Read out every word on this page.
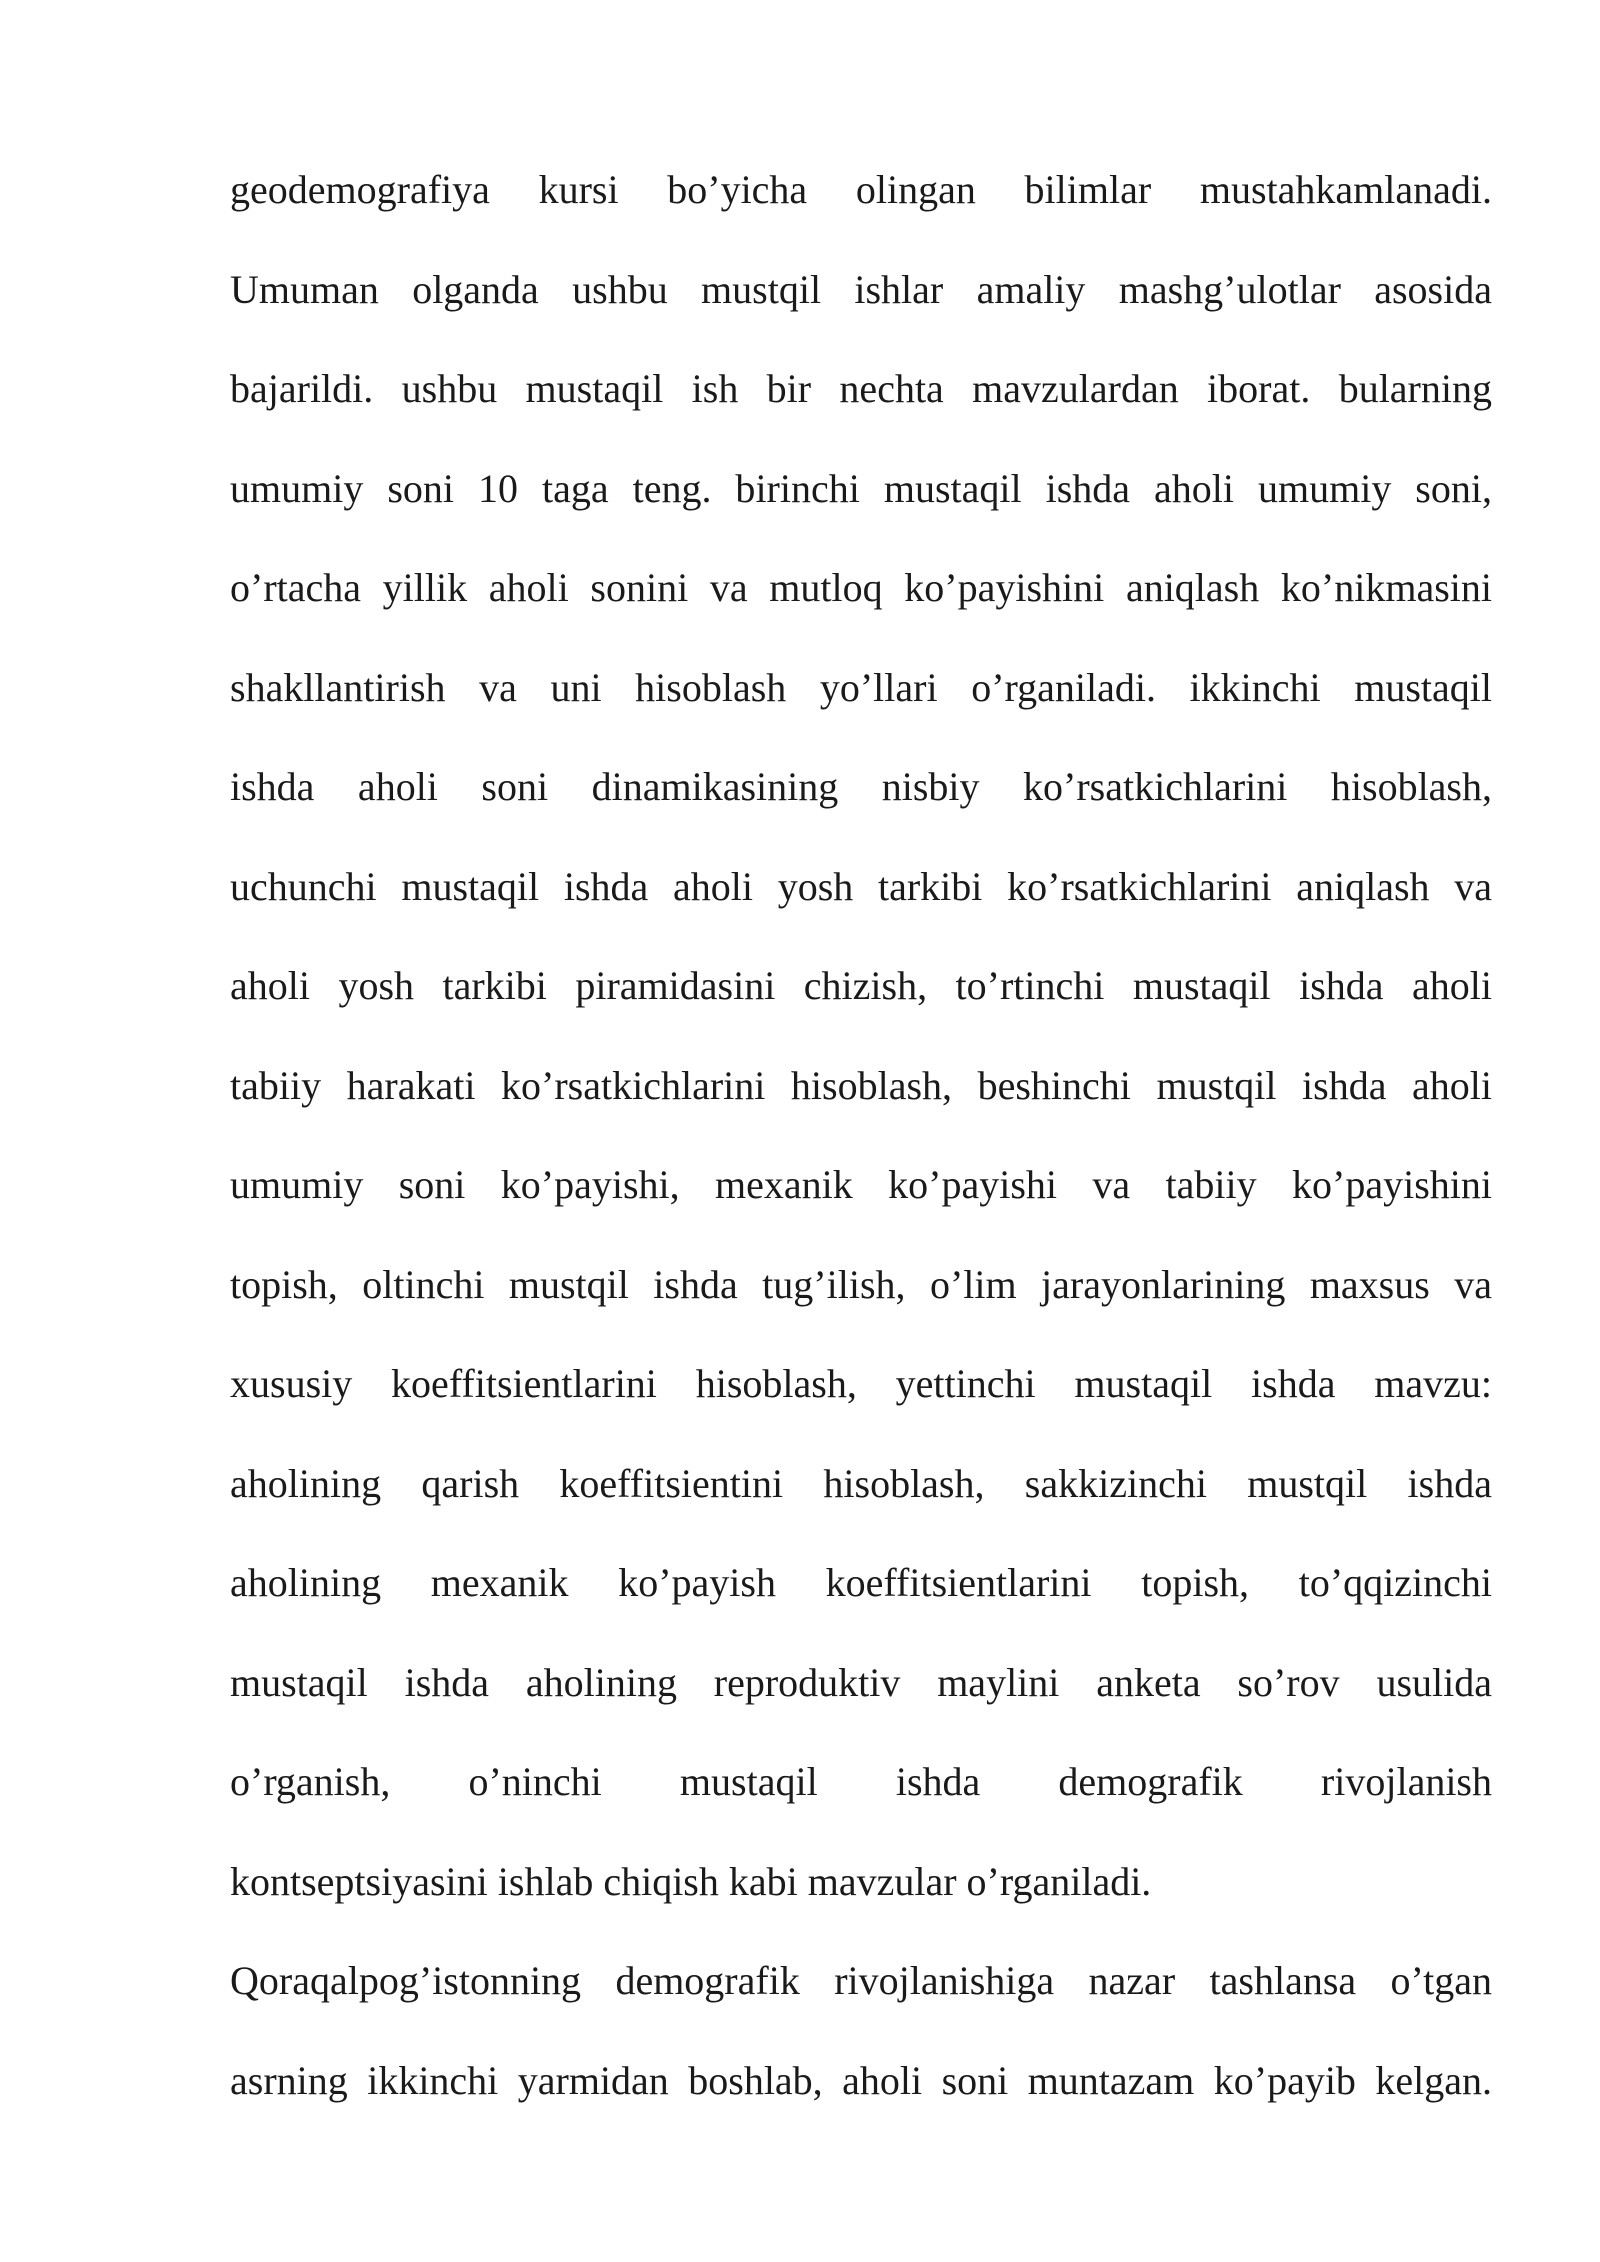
geodemografiya kursi bo’yicha olingan bilimlar mustahkamlanadi.
Umuman olganda ushbu mustqil ishlar amaliy mashg’ulotlar asosida
bajarildi. ushbu mustaqil ish bir nechta mavzulardan iborat. bularning
umumiy soni 10 taga teng. birinchi mustaqil ishda aholi umumiy soni,
o’rtacha yillik aholi sonini va mutloq ko’payishini aniqlash ko’nikmasini
shakllantirish va uni hisoblash yo’llari o’rganiladi. ikkinchi mustaqil
ishda aholi soni dinamikasining nisbiy ko’rsatkichlarini hisoblash,
uchunchi mustaqil ishda aholi yosh tarkibi ko’rsatkichlarini aniqlash va
aholi yosh tarkibi piramidasini chizish, to’rtinchi mustaqil ishda aholi
tabiiy harakati ko’rsatkichlarini hisoblash, beshinchi mustqil ishda aholi
umumiy soni ko’payishi, mexanik ko’payishi va tabiiy ko’payishini
topish, oltinchi mustqil ishda tug’ilish, o’lim jarayonlarining maxsus va
xususiy koeffitsientlarini hisoblash, yettinchi mustaqil ishda mavzu:
aholining qarish koeffitsientini hisoblash, sakkizinchi mustqil ishda
aholining mexanik ko’payish koeffitsientlarini topish, to’qqizinchi
mustaqil ishda aholining reproduktiv maylini anketa so’rov usulida
o’rganish, o’ninchi mustaqil ishda demografik rivojlanish
kontseptsiyasini ishlab chiqish kabi mavzular o’rganiladi.
Qoraqalpog’istonning demografik rivojlanishiga nazar tashlansa o’tgan
asrning ikkinchi yarmidan boshlab, aholi soni muntazam ko’payib kelgan.
